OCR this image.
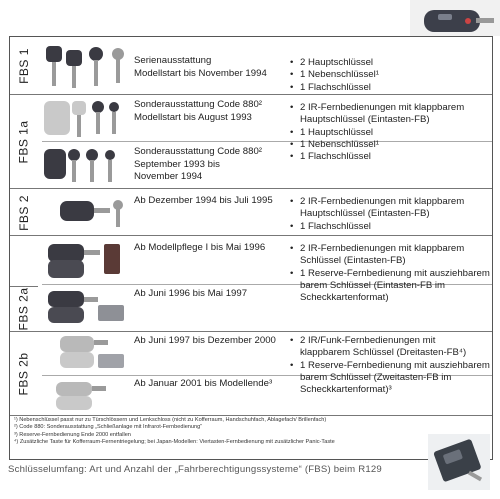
FBS 1	Serienausstattung
Modellstart bis November 1994
• 2 Hauptschlüssel
• 1 Nebenschlüssel¹
• 1 Flachschlüssel
FBS 1a
Sonderausstattung Code 880²
Modellstart bis August 1993
Sonderausstattung Code 880²
September 1993 bis
November 1994
• 2 IR-Fernbedienungen mit klappbarem
Hauptschlüssel (Eintasten-FB)
• 1 Hauptschlüssel
• 1 Nebenschlüssel¹
• 1 Flachschlüssel
FBS 2	Ab Dezember 1994 bis Juli 1995
•	2 IR-Fernbedienungen mit klappbarem
Hauptschlüssel (Eintasten-FB)
• 1 Flachschlüssel
FBS 2a
Ab Modellpflege I bis Mai 1996
Ab Juni 1996 bis Mai 1997
• 2 IR-Fernbedienungen mit klappbarem
Schlüssel (Eintasten-FB)
• 1 Reserve-Fernbedienung mit ausziehbarem
barem Schlüssel (Eintasten-FB im
Scheckkartenformat)
FBS 2b
Ab Juni 1997 bis Dezember 2000
Ab Januar 2001 bis Modellende³
• 2 IR/Funk-Fernbedienungen mit
klappbarem Schlüssel (Dreitasten-FB⁴)
• 1 Reserve-Fernbedienung mit ausziehbarem
barem Schlüssel (Zweitasten-FB im
Scheckkartenformat)³
¹) Nebenschlüssel passt nur zu Türschlössern und Lenkschloss (nicht zu Kofferraum, Handschuhfach, Ablagefach/ Brillenfach)
²) Code 880: Sonderausstattung „Schließanlage mit Infrarot-Fernbedienung“
³) Reserve-Fernbedienung Ende 2000 entfallen
⁴) Zusätzliche Taste für Kofferraum-Fernentriegelung; bei Japan-Modellen: Viertasten-Fernbedienung mit zusätzlicher Panic-Taste
Schlüsselumfang: Art und Anzahl der „Fahrberechtigungssysteme“ (FBS) beim R129
